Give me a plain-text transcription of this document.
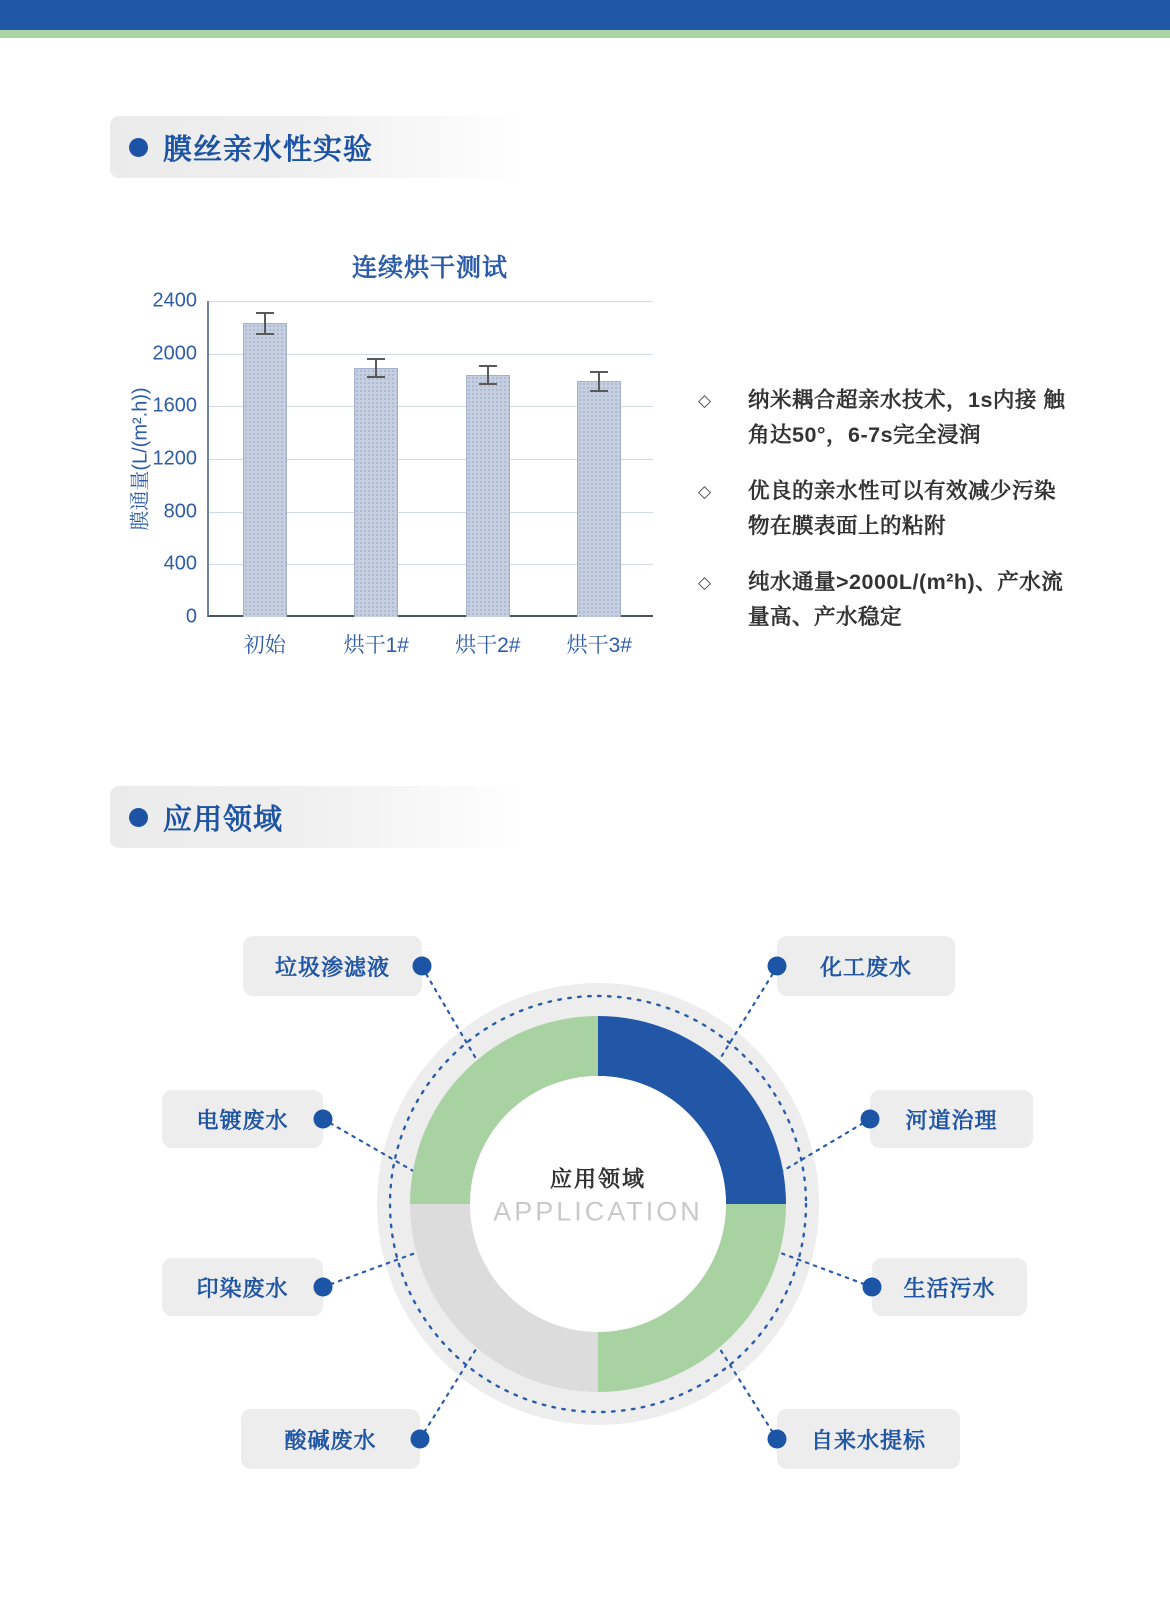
膜丝亲水性实验
连续烘干测试
膜通量(L/(m².h))
0
400
800
1200
1600
2000
2400
初始	烘干1# 烘干2# 烘干3#
◇	纳米耦合超亲水技术，1s内接 触
角达50°，6-7s完全浸润
◇	优良的亲水性可以有效减少污染
物在膜表面上的粘附
◇	纯水通量>2000L/(m²h)、产水流
量高、产水稳定
应用领域
应用领域
APPLICATION
垃圾渗滤液
电镀废水
印染废水
酸碱废水
化工废水
河道治理
生活污水
自来水提标
